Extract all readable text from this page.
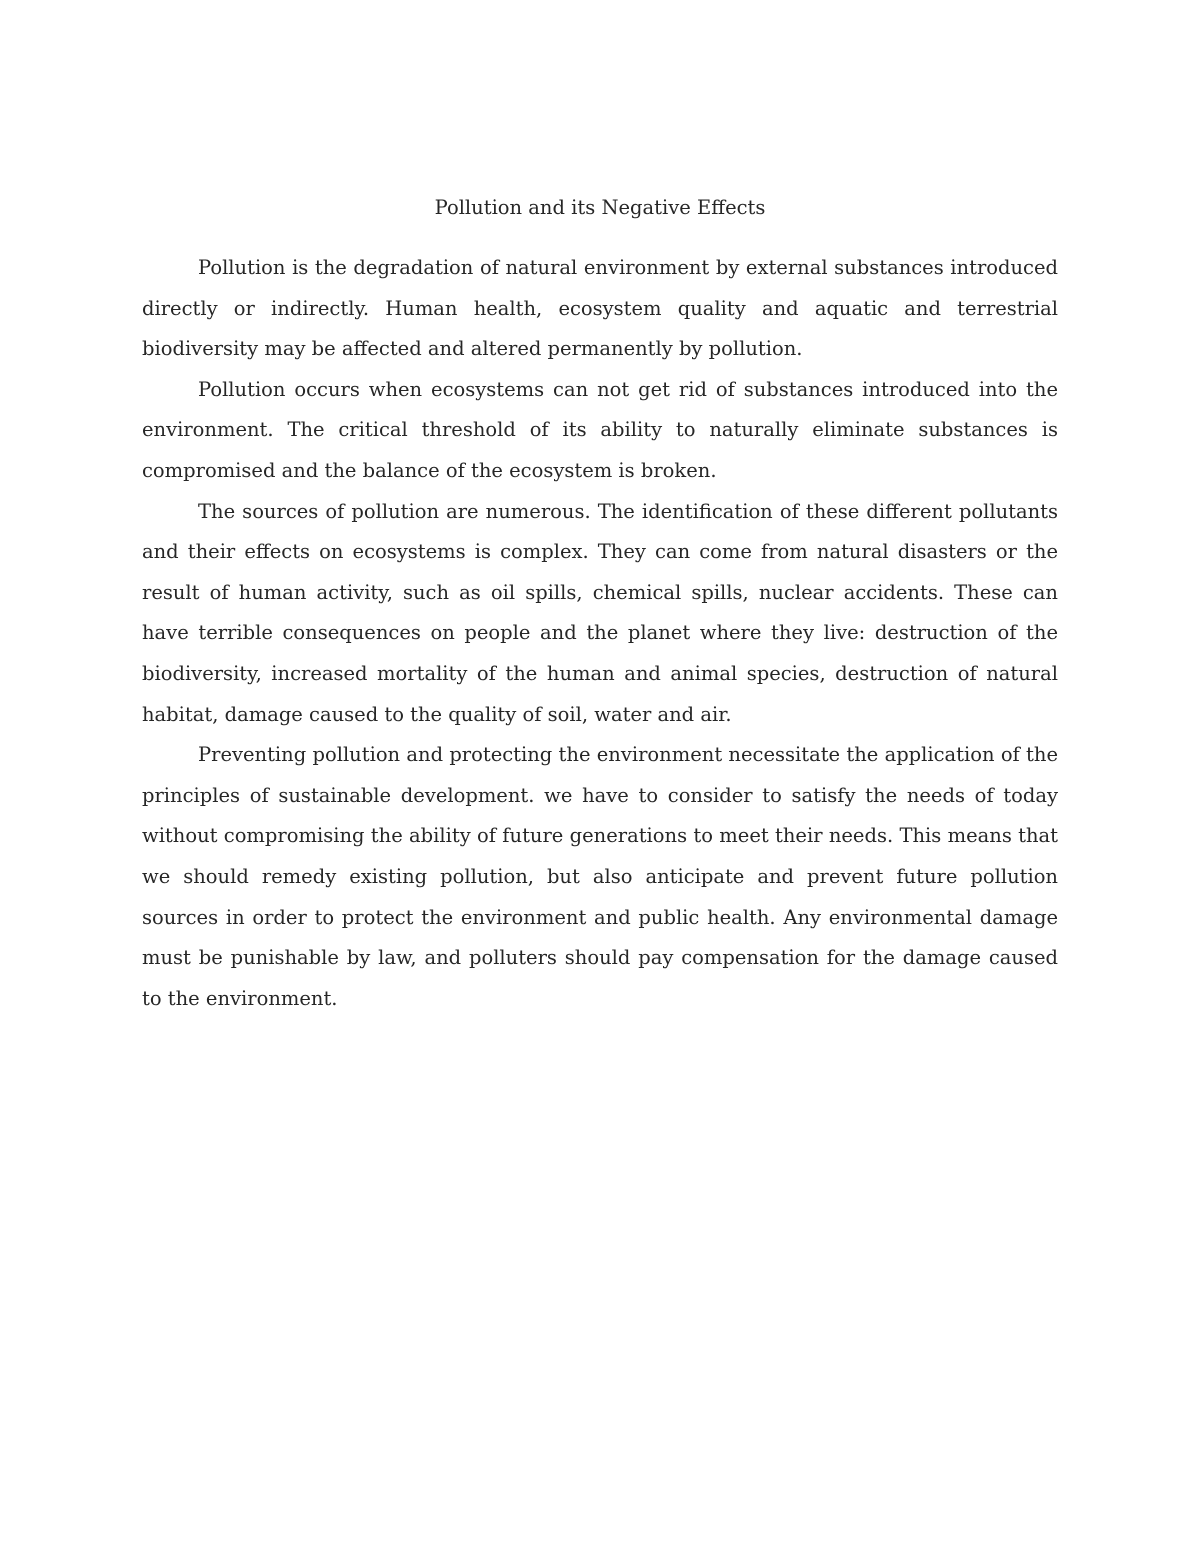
Pollution and its Negative Effects

Pollution is the degradation of natural environment by external substances introduced directly or indirectly. Human health, ecosystem quality and aquatic and terrestrial biodiversity may be affected and altered permanently by pollution.

Pollution occurs when ecosystems can not get rid of substances introduced into the environment. The critical threshold of its ability to naturally eliminate substances is compromised and the balance of the ecosystem is broken.

The sources of pollution are numerous. The identification of these different pollutants and their effects on ecosystems is complex. They can come from natural disasters or the result of human activity, such as oil spills, chemical spills, nuclear accidents. These can have terrible consequences on people and the planet where they live: destruction of the biodiversity, increased mortality of the human and animal species, destruction of natural habitat, damage caused to the quality of soil, water and air.

Preventing pollution and protecting the environment necessitate the application of the principles of sustainable development. we have to consider to satisfy the needs of today without compromising the ability of future generations to meet their needs. This means that we should remedy existing pollution, but also anticipate and prevent future pollution sources in order to protect the environment and public health. Any environmental damage must be punishable by law, and polluters should pay compensation for the damage caused to the environment.
